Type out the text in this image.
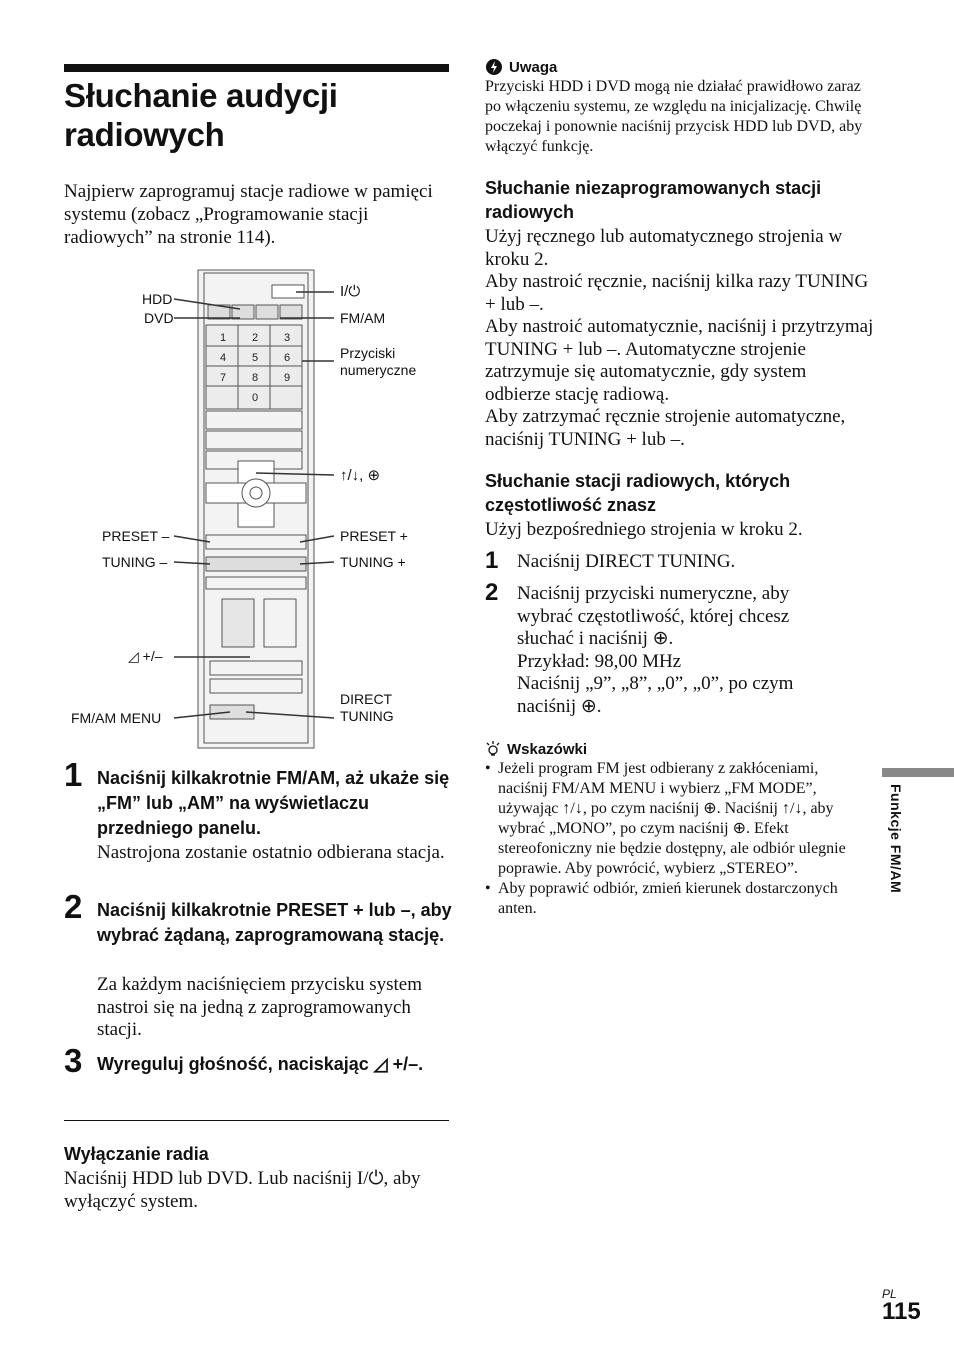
Słuchanie audycji radiowych
Najpierw zaprogramuj stacje radiowe w pamięci systemu (zobacz „Programowanie stacji radiowych” na stronie 114).
1 2 3
4 5 6
7 8 9
0
HDD
DVD
I/⏻
FM/AM
Przyciski numeryczne
↑/↓, ⊕
PRESET –	PRESET +
TUNING –	TUNING +
◿ +/–
DIRECT TUNING
FM/AM MENU
1 Naciśnij kilkakrotnie FM/AM, aż ukaże się „FM” lub „AM” na wyświetlaczu przedniego panelu.
Nastrojona zostanie ostatnio odbierana stacja.
2 Naciśnij kilkakrotnie PRESET + lub –, aby wybrać żądaną, zaprogramowaną stację.
Za każdym naciśnięciem przycisku system nastroi się na jedną z zaprogramowanych stacji.
3 Wyreguluj głośność, naciskając ◿ +/–.
Wyłączanie radia
Naciśnij HDD lub DVD. Lub naciśnij I/⏻, aby wyłączyć system.
Uwaga
Przyciski HDD i DVD mogą nie działać prawidłowo zaraz po włączeniu systemu, ze względu na inicjalizację. Chwilę poczekaj i ponownie naciśnij przycisk HDD lub DVD, aby włączyć funkcję.
Słuchanie niezaprogramowanych stacji radiowych
Użyj ręcznego lub automatycznego strojenia w kroku 2.
Aby nastroić ręcznie, naciśnij kilka razy TUNING + lub –.
Aby nastroić automatycznie, naciśnij i przytrzymaj TUNING + lub –. Automatyczne strojenie zatrzymuje się automatycznie, gdy system odbierze stację radiową.
Aby zatrzymać ręcznie strojenie automatyczne, naciśnij TUNING + lub –.
Słuchanie stacji radiowych, których częstotliwość znasz
Użyj bezpośredniego strojenia w kroku 2.
1 Naciśnij DIRECT TUNING.
2 Naciśnij przyciski numeryczne, aby wybrać częstotliwość, której chcesz słuchać i naciśnij ⊕.
Przykład: 98,00 MHz
Naciśnij „9”, „8”, „0”, „0”, po czym naciśnij ⊕.
Wskazówki
• Jeżeli program FM jest odbierany z zakłóceniami, naciśnij FM/AM MENU i wybierz „FM MODE”, używając ↑/↓, po czym naciśnij ⊕. Naciśnij ↑/↓, aby wybrać „MONO”, po czym naciśnij ⊕. Efekt stereofoniczny nie będzie dostępny, ale odbiór ulegnie poprawie. Aby powrócić, wybierz „STEREO”.
• Aby poprawić odbiór, zmień kierunek dostarczonych anten.
Funkcje FM/AM
PL
115
